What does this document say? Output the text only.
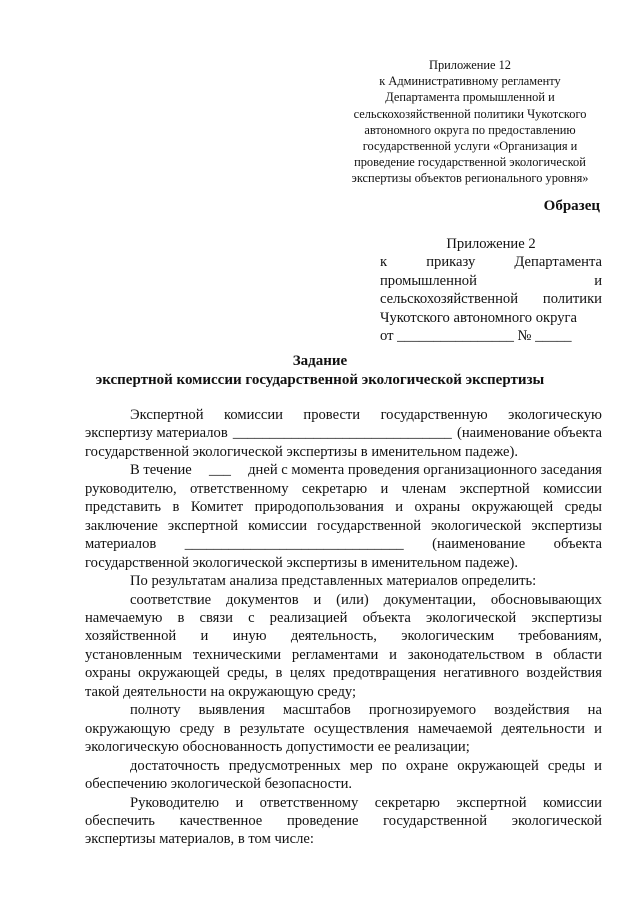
Приложение 12
к Административному регламенту
Департамента промышленной и
сельскохозяйственной политики Чукотского
автономного округа по предоставлению
государственной услуги «Организация и
проведение государственной экологической
экспертизы объектов регионального уровня»
Образец
Приложение 2
к	приказу	Департамента
промышленной	и
сельскохозяйственной политики
Чукотского автономного округа
от ________________ № _____
Задание
экспертной комиссии государственной экологической экспертизы
Экспертной комиссии провести государственную экологическую
экспертизу материалов ______________________________ (наименование объекта
государственной экологической экспертизы в именительном падеже).
В течение ___ дней с момента проведения организационного заседания
руководителю, ответственному секретарю и членам экспертной комиссии
представить в Комитет природопользования и охраны окружающей среды
заключение экспертной комиссии государственной экологической экспертизы
материалов ______________________________ (наименование объекта
государственной экологической экспертизы в именительном падеже).
По результатам анализа представленных материалов определить:
соответствие документов и (или) документации, обосновывающих
намечаемую в связи с реализацией объекта экологической экспертизы
хозяйственной и иную деятельность, экологическим требованиям,
установленным техническими регламентами и законодательством в области
охраны окружающей среды, в целях предотвращения негативного воздействия
такой деятельности на окружающую среду;
полноту выявления масштабов прогнозируемого воздействия на
окружающую среду в результате осуществления намечаемой деятельности и
экологическую обоснованность допустимости ее реализации;
достаточность предусмотренных мер по охране окружающей среды и
обеспечению экологической безопасности.
Руководителю и ответственному секретарю экспертной комиссии
обеспечить качественное проведение государственной экологической
экспертизы материалов, в том числе:
